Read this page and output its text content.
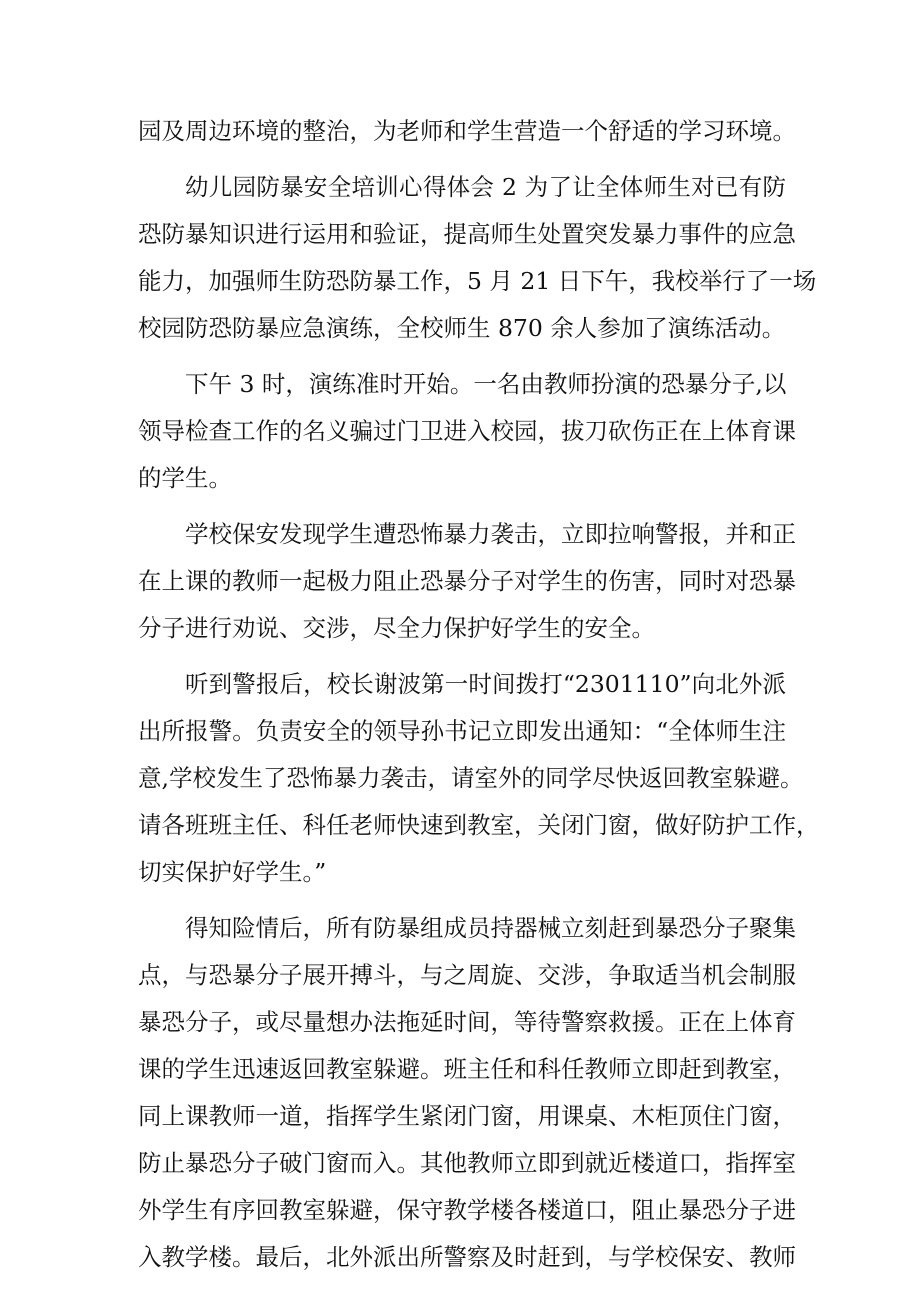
园及周边环境的整治，为老师和学生营造一个舒适的学习环境。
幼儿园防暴安全培训心得体会 2 为了让全体师生对已有防
恐防暴知识进行运用和验证，提高师生处置突发暴力事件的应急
能力，加强师生防恐防暴工作，5 月 21 日下午，我校举行了一场
校园防恐防暴应急演练，全校师生 870 余人参加了演练活动。
下午 3 时，演练准时开始。一名由教师扮演的恐暴分子,以
领导检查工作的名义骗过门卫进入校园，拔刀砍伤正在上体育课
的学生。
学校保安发现学生遭恐怖暴力袭击，立即拉响警报，并和正
在上课的教师一起极力阻止恐暴分子对学生的伤害，同时对恐暴
分子进行劝说、交涉，尽全力保护好学生的安全。
听到警报后，校长谢波第一时间拨打“2301110”向北外派
出所报警。负责安全的领导孙书记立即发出通知：“全体师生注
意,学校发生了恐怖暴力袭击，请室外的同学尽快返回教室躲避。
请各班班主任、科任老师快速到教室，关闭门窗，做好防护工作，
切实保护好学生。”
得知险情后，所有防暴组成员持器械立刻赶到暴恐分子聚集
点，与恐暴分子展开搏斗，与之周旋、交涉，争取适当机会制服
暴恐分子，或尽量想办法拖延时间，等待警察救援。正在上体育
课的学生迅速返回教室躲避。班主任和科任教师立即赶到教室，
同上课教师一道，指挥学生紧闭门窗，用课桌、木柜顶住门窗，
防止暴恐分子破门窗而入。其他教师立即到就近楼道口，指挥室
外学生有序回教室躲避，保守教学楼各楼道口，阻止暴恐分子进
入教学楼。最后，北外派出所警察及时赶到，与学校保安、教师
